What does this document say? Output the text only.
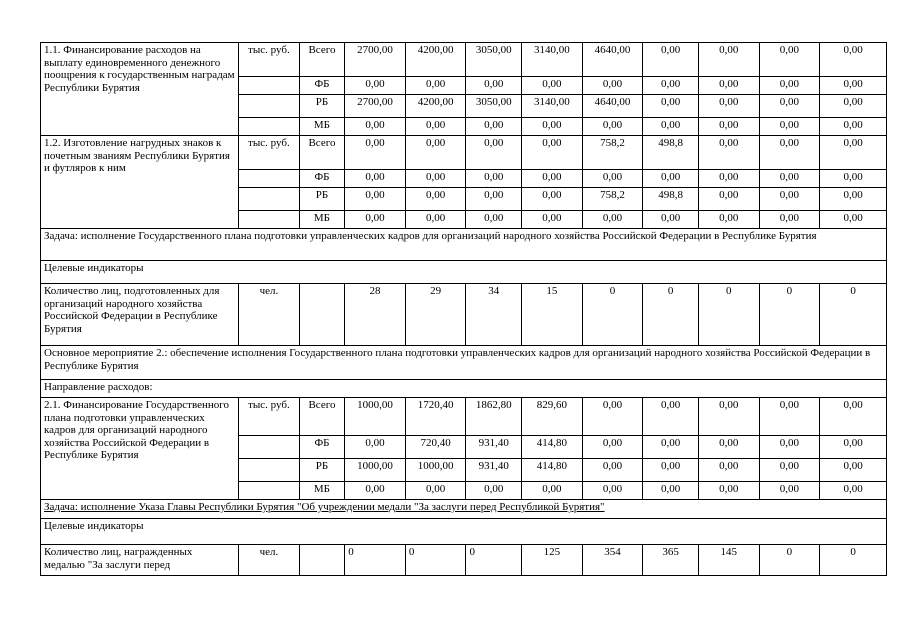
1.1. Финансирование расходов на выплату единовременного денежного поощрения к государственным наградам Республики Бурятия	тыс. руб.	Всего	2700,00	4200,00	3050,00	3140,00	4640,00	0,00	0,00	0,00	0,00
		ФБ	0,00	0,00	0,00	0,00	0,00	0,00	0,00	0,00	0,00
		РБ	2700,00	4200,00	3050,00	3140,00	4640,00	0,00	0,00	0,00	0,00
		МБ	0,00	0,00	0,00	0,00	0,00	0,00	0,00	0,00	0,00
1.2. Изготовление нагрудных знаков к почетным званиям Республики Бурятия и футляров к ним	тыс. руб.	Всего	0,00	0,00	0,00	0,00	758,2	498,8	0,00	0,00	0,00
		ФБ	0,00	0,00	0,00	0,00	0,00	0,00	0,00	0,00	0,00
		РБ	0,00	0,00	0,00	0,00	758,2	498,8	0,00	0,00	0,00
		МБ	0,00	0,00	0,00	0,00	0,00	0,00	0,00	0,00	0,00
Задача: исполнение Государственного плана подготовки управленческих кадров для организаций народного хозяйства Российской Федерации в Республике Бурятия											
Целевые индикаторы											
Количество лиц, подготовленных для организаций народного хозяйства Российской Федерации в Республике Бурятия	чел.		28	29	34	15	0	0	0	0	0
Основное мероприятие 2.: обеспечение исполнения Государственного плана подготовки управленческих кадров для организаций народного хозяйства Российской Федерации в Республике Бурятия											
Направление расходов:											
2.1. Финансирование Государственного плана подготовки управленческих кадров для организаций народного хозяйства Российской Федерации в Республике Бурятия	тыс. руб.	Всего	1000,00	1720,40	1862,80	829,60	0,00	0,00	0,00	0,00	0,00
		ФБ	0,00	720,40	931,40	414,80	0,00	0,00	0,00	0,00	0,00
		РБ	1000,00	1000,00	931,40	414,80	0,00	0,00	0,00	0,00	0,00
		МБ	0,00	0,00	0,00	0,00	0,00	0,00	0,00	0,00	0,00
Задача: исполнение Указа Главы Республики Бурятия "Об учреждении медали "За заслуги перед Республикой Бурятия"											
Целевые индикаторы											
Количество лиц, награжденных медалью "За заслуги перед	чел.		0	0	0	125	354	365	145	0	0
